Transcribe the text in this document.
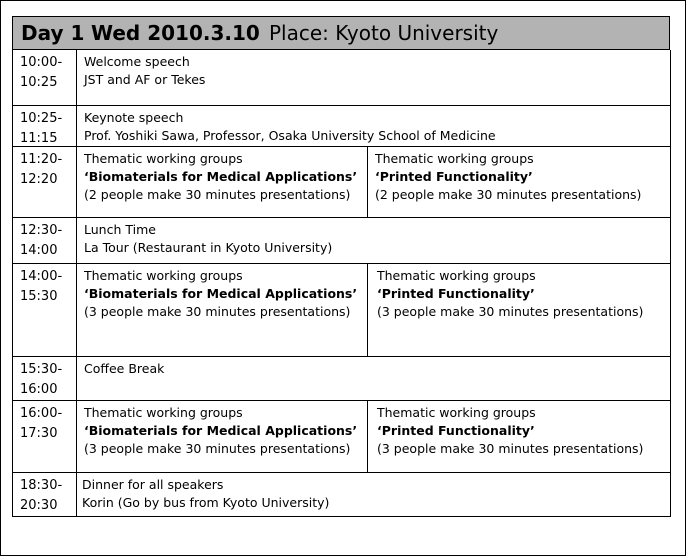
Day 1 Wed 2010.3.10 Place: Kyoto University
10:00-
10:25
Welcome speech
JST and AF or Tekes
10:25-
11:15
Keynote speech
Prof. Yoshiki Sawa, Professor, Osaka University School of Medicine
11:20-
12:20
Thematic working groups
‘Biomaterials for Medical Applications’
(2 people make 30 minutes presentations)
Thematic working groups
‘Printed Functionality’
(2 people make 30 minutes presentations)
12:30-
14:00
Lunch Time
La Tour (Restaurant in Kyoto University)
14:00-
15:30
Thematic working groups
‘Biomaterials for Medical Applications’
(3 people make 30 minutes presentations)
Thematic working groups
‘Printed Functionality’
(3 people make 30 minutes presentations)
15:30-
16:00
Coffee Break
16:00-
17:30
Thematic working groups
‘Biomaterials for Medical Applications’
(3 people make 30 minutes presentations)
Thematic working groups
‘Printed Functionality’
(3 people make 30 minutes presentations)
18:30-
20:30
Dinner for all speakers
Korin (Go by bus from Kyoto University)
